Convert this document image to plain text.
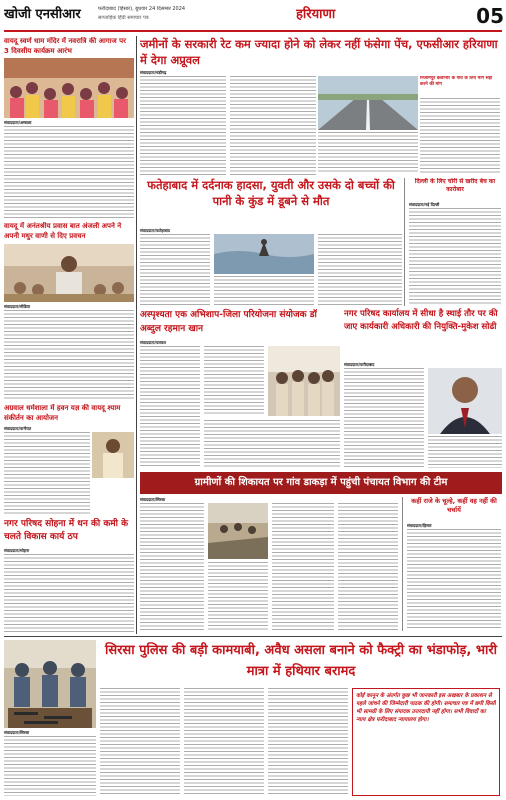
खोजी एनसीआर	फरीदाबाद (हिसार), बुधवार 24 दिसम्बर 2024
साप्ताहिक हिंदी समाचार पत्र	हरियाणा	05
वायदू स्वर्ण धाम मंदिर में नवरात्रि की आगाज पर 3 दिवसीय कार्यक्रम आरंभ
संवाददाता/अम्बाला
वायदू में अनंतश्रीय प्रवास बात अंजली अपने ने अपनी मधुर वाणी से दिए प्रवचन
संवाददाता/मीडिया
अग्रवाल धर्मशाला में हवन यज्ञ की वायदू श्याम संकीर्तन का आयोजन
संवाददाता/पानीपत
नगर परिषद सोहना में धन की कमी के चलते विकास कार्य ठप
संवाददाता/सोहना
जमीनों के सरकारी रेट कम ज्यादा होने को लेकर नहीं फंसेगा पेंच, एफसीआर हरियाणा में देगा अप्रूवल
संवाददाता/चंडीगढ़
निजामपुर कलानौर के गांव के लिए मार्ग सही करने की मांग
फतेहाबाद में दर्दनाक हादसा, युवती और उसके दो बच्चों की पानी के कुंड में डूबने से मौत
संवाददाता/फतेहाबाद
दिल्ली के लिए चोरी से खरीद बेच का कारोबार
संवाददाता/नई दिल्ली
अस्पृश्यता एक अभिशाप-जिला परियोजना संयोजक डॉ अब्दुल रहमान खान
संवाददाता/पलवल
नगर परिषद कार्यालय में सीधा है स्थाई तौर पर की जाए कार्यकारी अधिकारी की नियुक्ति-मुकेश सोढी
संवाददाता/फरीदाबाद
ग्रामीणों की शिकायत पर गांव डाकड़ा में पहुंची पंचायत विभाग की टीम
संवाददाता/सिरसा	कहीं राजे के चूल्हे, कहीं वह नहीं की चर्चायें
संवाददाता/हिसार
सिरसा पुलिस की बड़ी कामयाबी, अवैध असला बनाने को फैक्ट्री का भंडाफोड़, भारी मात्रा में हथियार बरामद
संवाददाता/सिरसा
कोई कानून के अंतर्गत कुछ भी जानकारी इस अखबार के प्रकाशन से पहले जांचने की जिम्मेदारी पाठक की होगी। समाचार पत्र में छपी किसी भी सामग्री के लिए संपादक उत्तरदायी नहीं होगा। सभी विवादों का न्याय क्षेत्र फरीदाबाद न्यायालय होगा।
